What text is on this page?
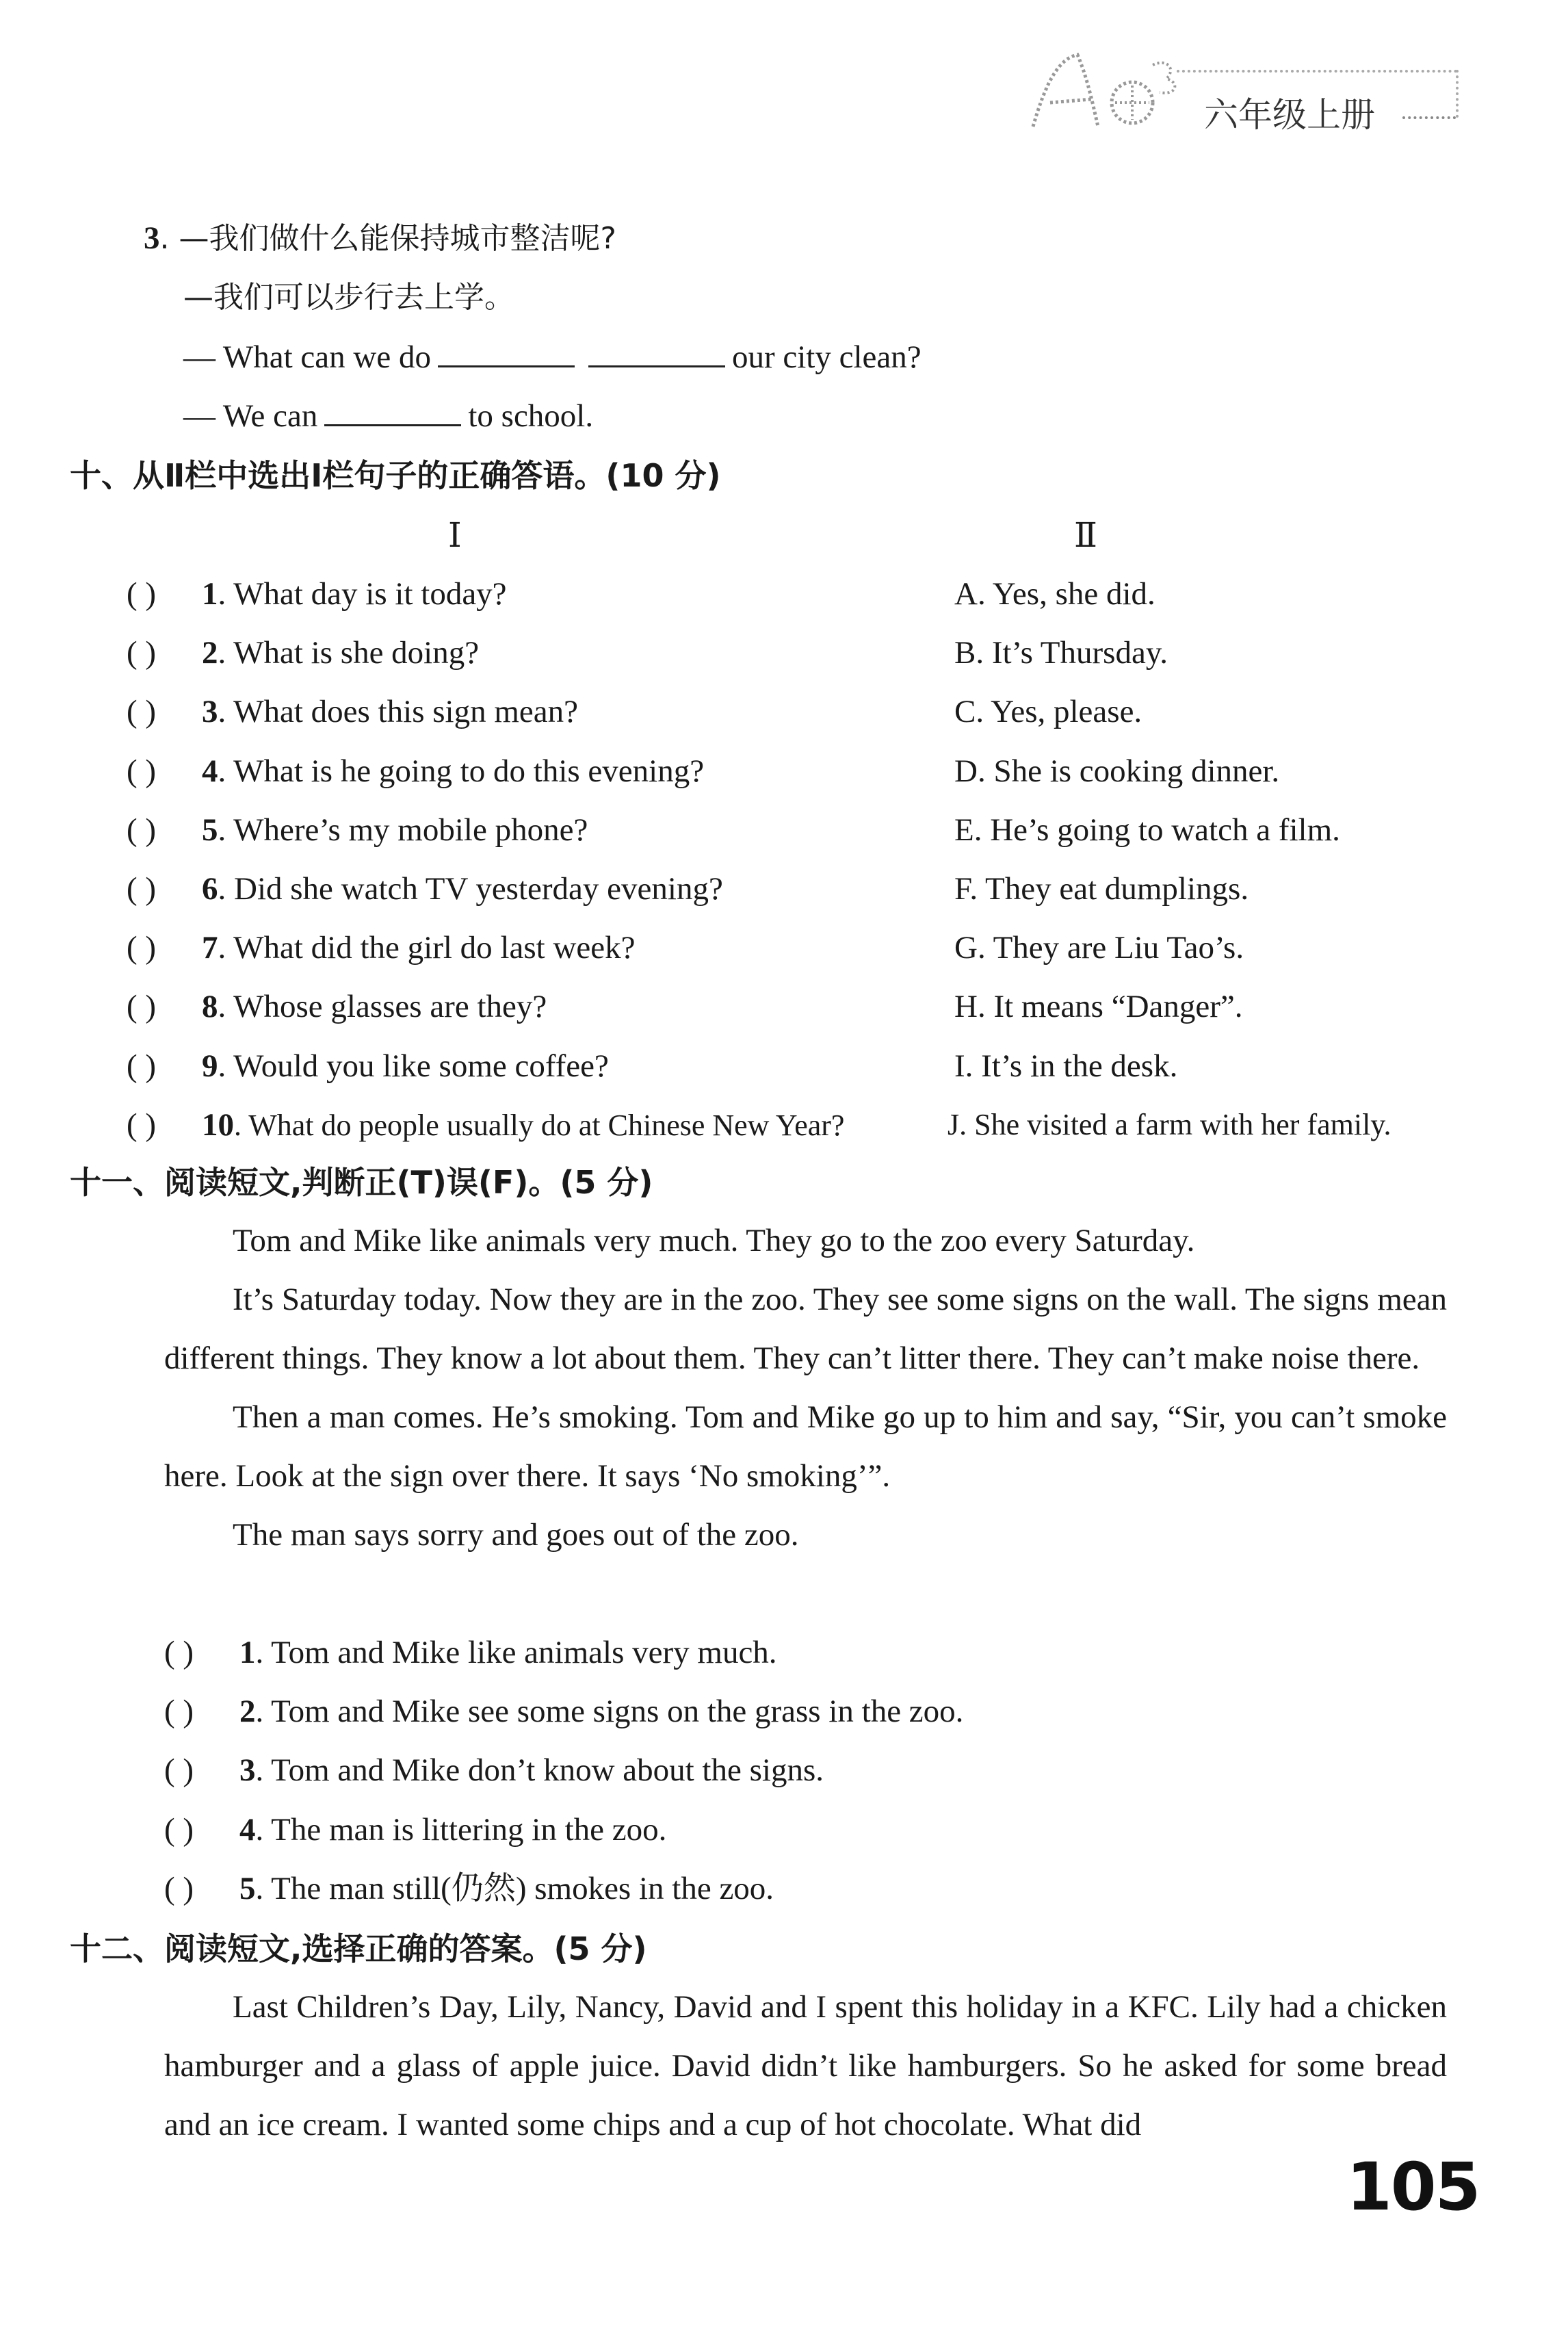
六年级上册
3. —我们做什么能保持城市整洁呢?
—我们可以步行去上学。
— What can we do	our city clean?
— We can	to school.
十、从Ⅱ栏中选出Ⅰ栏句子的正确答语。(10 分)
Ⅰ	Ⅱ
( ) 1. What day is it today?	A. Yes, she did.
( ) 2. What is she doing?	B. It’s Thursday.
( ) 3. What does this sign mean?	C. Yes, please.
( ) 4. What is he going to do this evening?	D. She is cooking dinner.
( ) 5. Where’s my mobile phone?	E. He’s going to watch a film.
( ) 6. Did she watch TV yesterday evening?	F. They eat dumplings.
( ) 7. What did the girl do last week?	G. They are Liu Tao’s.
( ) 8. Whose glasses are they?	H. It means “Danger”.
( ) 9. Would you like some coffee?	I. It’s in the desk.
( ) 10. What do people usually do at Chinese New Year?	J. She visited a farm with her family.
十一、阅读短文,判断正(T)误(F)。(5 分)

Tom and Mike like animals very much. They go to the zoo every Saturday.

It’s Saturday today. Now they are in the zoo. They see some signs on the wall. The signs mean different things. They know a lot about them. They can’t litter there. They can’t make noise there.

Then a man comes. He’s smoking. Tom and Mike go up to him and say, “Sir, you can’t smoke here. Look at the sign over there. It says ‘No smoking’”.

The man says sorry and goes out of the zoo.

( ) 1. Tom and Mike like animals very much.
( ) 2. Tom and Mike see some signs on the grass in the zoo.
( ) 3. Tom and Mike don’t know about the signs.
( ) 4. The man is littering in the zoo.
( ) 5. The man still(仍然) smokes in the zoo.
十二、阅读短文,选择正确的答案。(5 分)

Last Children’s Day, Lily, Nancy, David and I spent this holiday in a KFC. Lily had a chicken hamburger and a glass of apple juice. David didn’t like hamburgers. So he asked for some bread and an ice cream. I wanted some chips and a cup of hot chocolate. What did

105
